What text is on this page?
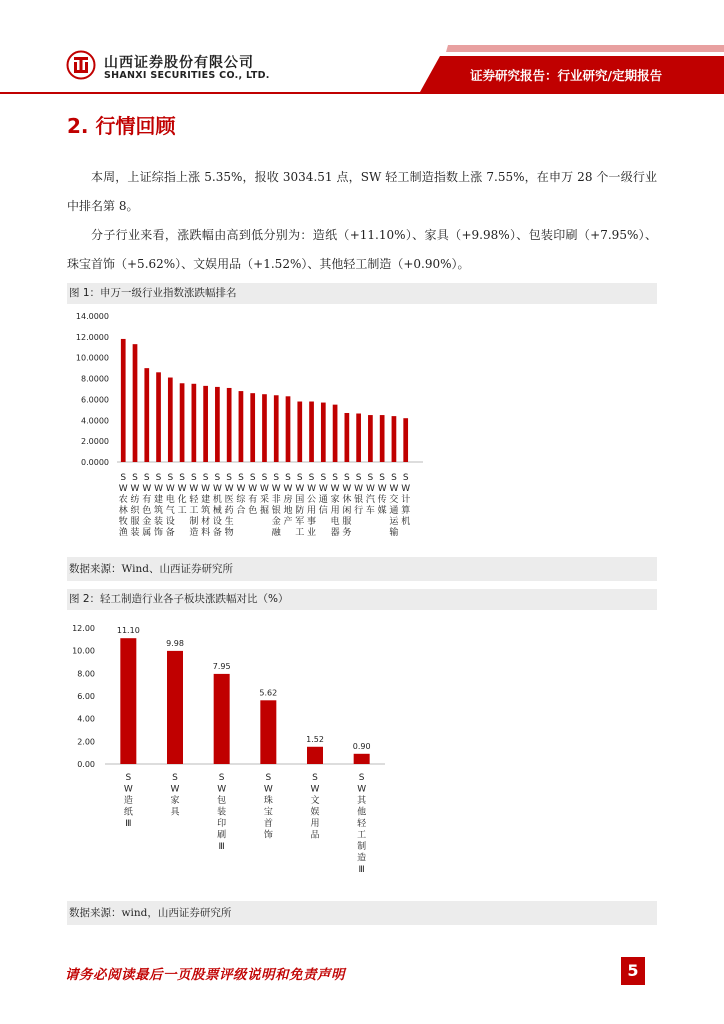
山西证券股份有限公司
SHANXI SECURITIES CO., LTD.	证券研究报告：行业研究/定期报告
2. 行情回顾
本周，上证综指上涨 5.35%，报收 3034.51 点，SW 轻工制造指数上涨 7.55%，在申万 28 个一级行业中排名第 8。
分子行业来看，涨跌幅由高到低分别为：造纸（+11.10%）、家具（+9.98%）、包装印刷（+7.95%）、珠宝首饰（+5.62%）、文娱用品（+1.52%）、其他轻工制造（+0.90%）。
图 1：申万一级行业指数涨跌幅排名
14.0000
12.0000
10.0000
8.0000
6.0000
4.0000
2.0000
0.0000
S W 农林牧渔
S W 纺织服装
S W 有色金属
S W 建筑装饰
S W 电气设备
S W 化工
S W 轻工制造
S W 建筑材料
S W 机械设备
S W 医药生物
S W 综合
S W 有色
S W 采掘
S W 非银金融
S W 房地产
S W 国防军工
S W 公用事业
S W 通信
S W 家用电器
S W 休闲服务
S W 银行
S W 汽车
S W 传媒
S W 交通运输
S W 计算机
数据来源：Wind、山西证券研究所
图 2：轻工制造行业各子板块涨跌幅对比（%）
12.00
10.00
8.00
6.00
4.00
2.00
0.00
11.10
S W 造纸 Ⅲ
9.98
S W 家具
7.95
S W 包装印刷 Ⅲ
5.62
S W 珠宝首饰
1.52
S W 文娱用品
0.90
S W 其他轻工制造 Ⅲ
数据来源：wind，山西证券研究所
请务必阅读最后一页股票评级说明和免责声明	5
